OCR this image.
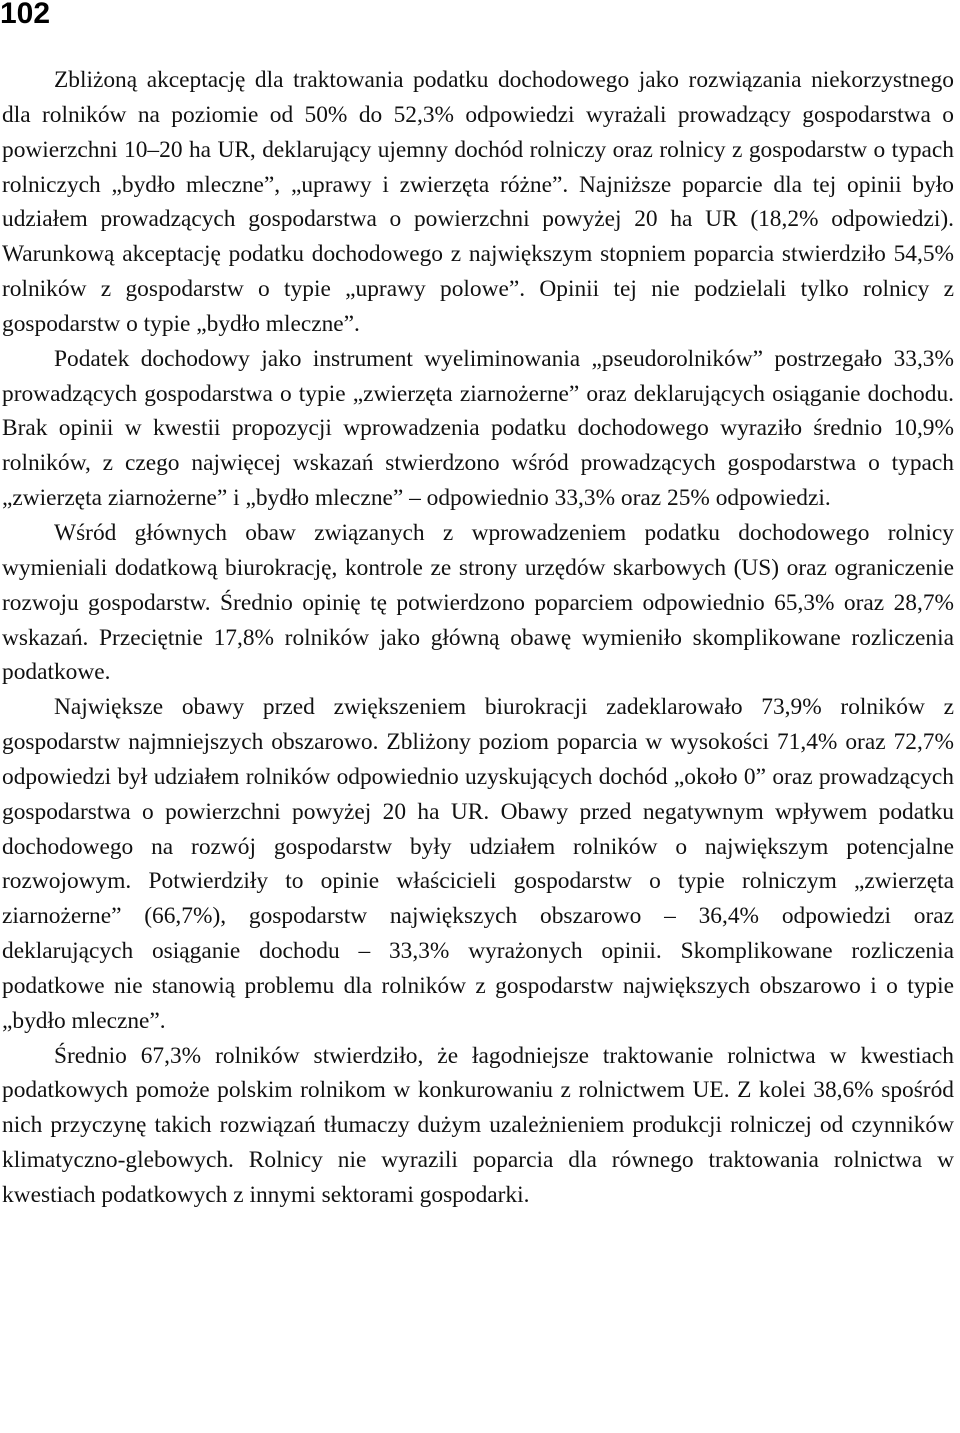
102

Zbliżoną akceptację dla traktowania podatku dochodowego jako rozwiązania niekorzystnego dla rolników na poziomie od 50% do 52,3% odpowiedzi wyrażali prowadzący gospodarstwa o powierzchni 10–20 ha UR, deklarujący ujemny dochód rolniczy oraz rolnicy z gospodarstw o typach rolniczych „bydło mleczne”, „uprawy i zwierzęta różne”. Najniższe poparcie dla tej opinii było udziałem prowadzących gospodarstwa o powierzchni powyżej 20 ha UR (18,2% odpowiedzi). Warunkową akceptację podatku dochodowego z największym stopniem poparcia stwierdziło 54,5% rolników z gospodarstw o typie „uprawy polowe”. Opinii tej nie podzielali tylko rolnicy z gospodarstw o typie „bydło mleczne”.

Podatek dochodowy jako instrument wyeliminowania „pseudorolników” postrzegało 33,3% prowadzących gospodarstwa o typie „zwierzęta ziarnożerne” oraz deklarujących osiąganie dochodu. Brak opinii w kwestii propozycji wprowadzenia podatku dochodowego wyraziło średnio 10,9% rolników, z czego najwięcej wskazań stwierdzono wśród prowadzących gospodarstwa o typach „zwierzęta ziarnożerne” i „bydło mleczne” – odpowiednio 33,3% oraz 25% odpowiedzi.

Wśród głównych obaw związanych z wprowadzeniem podatku dochodowego rolnicy wymieniali dodatkową biurokrację, kontrole ze strony urzędów skarbowych (US) oraz ograniczenie rozwoju gospodarstw. Średnio opinię tę potwierdzono poparciem odpowiednio 65,3% oraz 28,7% wskazań. Przeciętnie 17,8% rolników jako główną obawę wymieniło skomplikowane rozliczenia podatkowe.

Największe obawy przed zwiększeniem biurokracji zadeklarowało 73,9% rolników z gospodarstw najmniejszych obszarowo. Zbliżony poziom poparcia w wysokości 71,4% oraz 72,7% odpowiedzi był udziałem rolników odpowiednio uzyskujących dochód „około 0” oraz prowadzących gospodarstwa o powierzchni powyżej 20 ha UR. Obawy przed negatywnym wpływem podatku dochodowego na rozwój gospodarstw były udziałem rolników o największym potencjalne rozwojowym. Potwierdziły to opinie właścicieli gospodarstw o typie rolniczym „zwierzęta ziarnożerne” (66,7%), gospodarstw największych obszarowo – 36,4% odpowiedzi oraz deklarujących osiąganie dochodu – 33,3% wyrażonych opinii. Skomplikowane rozliczenia podatkowe nie stanowią problemu dla rolników z gospodarstw największych obszarowo i o typie „bydło mleczne”.

Średnio 67,3% rolników stwierdziło, że łagodniejsze traktowanie rolnictwa w kwestiach podatkowych pomoże polskim rolnikom w konkurowaniu z rolnictwem UE. Z kolei 38,6% spośród nich przyczynę takich rozwiązań tłumaczy dużym uzależnieniem produkcji rolniczej od czynników klimatyczno-glebowych. Rolnicy nie wyrazili poparcia dla równego traktowania rolnictwa w kwestiach podatkowych z innymi sektorami gospodarki.
